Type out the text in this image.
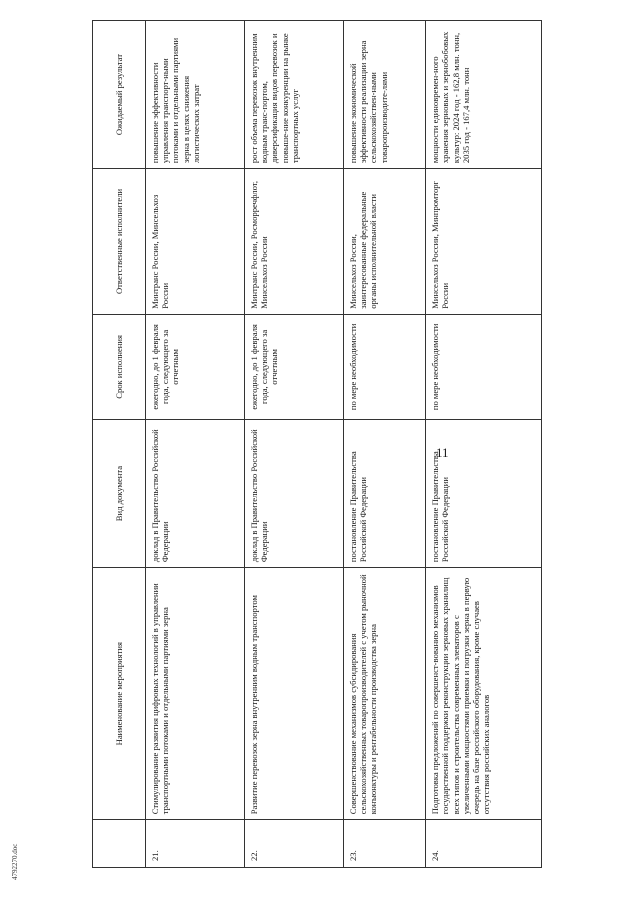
11
	Наименование мероприятия	Вид документа	Срок исполнения	Ответственные исполнители	Ожидаемый результат
21.	Стимулирование развития цифровых технологий в управлении транспортными потоками и отдельными партиями зерна	доклад в Правительство Российской Федерации	ежегодно, до 1 февраля года, следующего за отчетным	Минтранс России, Минсельхоз России	повышение эффективности управления транспорт-ными потоками и отдельными партиями зерна в целях снижения логистических затрат
22.	Развитие перевозок зерна внутренним водным транспортом	доклад в Правительство Российской Федерации	ежегодно, до 1 февраля года, следующего за отчетным	Минтранс России, Росморречфлот, Минсельхоз России	рост объема перевозок внутренним водным транс-портом, диверсификация видов перевозок и повыше-ние конкуренции на рынке транспортных услуг
23.	Совершенствование механизмов субсидирования сельскохозяйственных товаропроизводителей с учетом рыночной конъюнктуры и рентабельности производства зерна	постановление Правительства Российской Федерации	по мере необходимости	Минсельхоз России, заинтересованные федеральные органы исполнительной власти	повышение экономической эффективности реализации зерна сельскохозяйствен-ными товаропроизводите-лями
24.	Подготовка предложений по совершенст-вованию механизмов государственной поддержки реконструкции зерновых хранилищ всех типов и строительства современных элеваторов с увеличенными мощностями приемки и погрузки зерна в первую очередь на базе российского оборудования, кроме случаев отсутствия российских аналогов	постановление Правительства Российской Федерации	по мере необходимости	Минсельхоз России, Минпромторг России	мощности единовремен-ного хранения зерновых и зернобобовых культур: 2024 год - 162,8 млн. тонн, 2035 год - 167,4 млн. тонн
4792270.doc
